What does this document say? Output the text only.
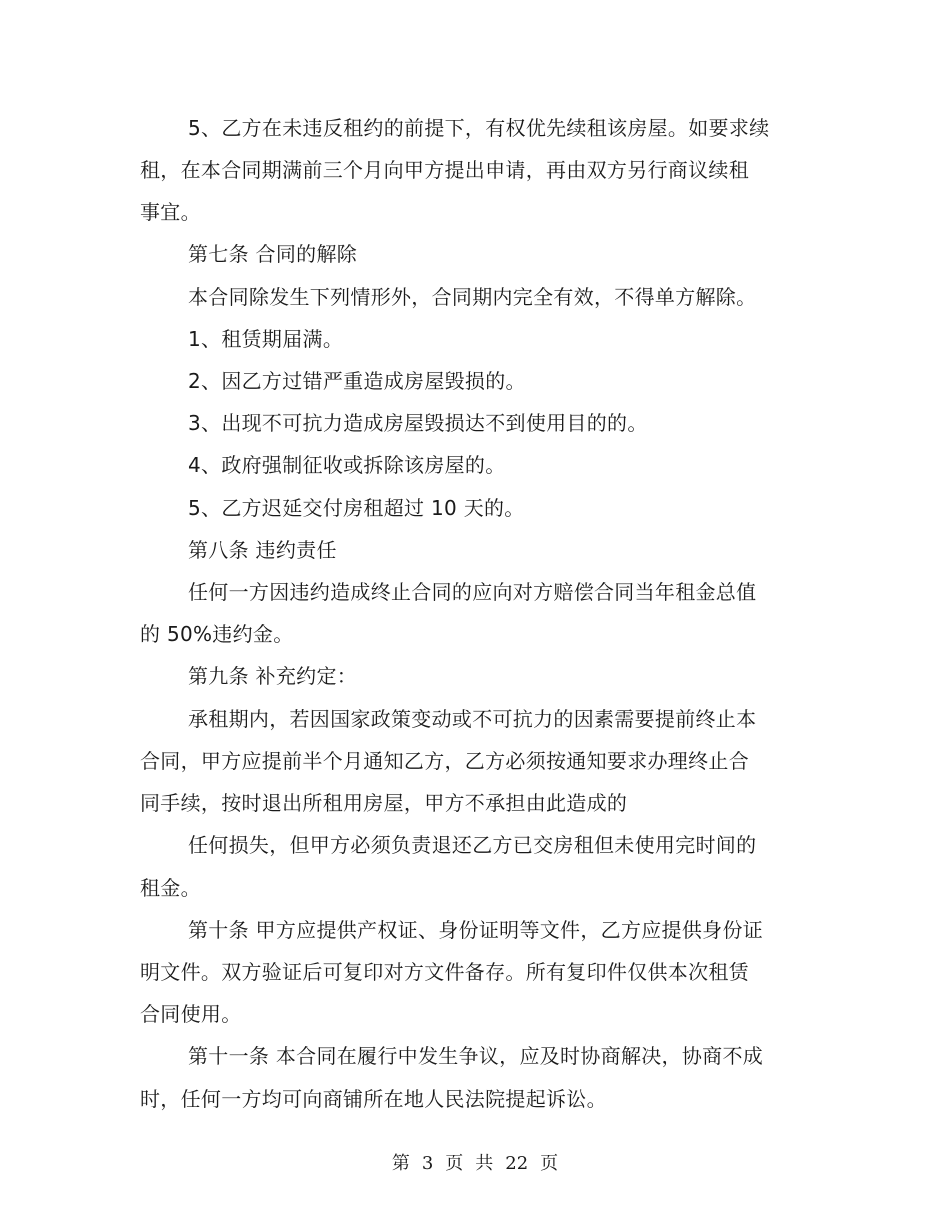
5、乙方在未违反租约的前提下，有权优先续租该房屋。如要求续
租，在本合同期满前三个月向甲方提出申请，再由双方另行商议续租
事宜。
第七条 合同的解除
本合同除发生下列情形外，合同期内完全有效，不得单方解除。
1、租赁期届满。
2、因乙方过错严重造成房屋毁损的。
3、出现不可抗力造成房屋毁损达不到使用目的的。
4、政府强制征收或拆除该房屋的。
5、乙方迟延交付房租超过 10 天的。
第八条 违约责任
任何一方因违约造成终止合同的应向对方赔偿合同当年租金总值
的 50%违约金。
第九条 补充约定：
承租期内，若因国家政策变动或不可抗力的因素需要提前终止本
合同，甲方应提前半个月通知乙方，乙方必须按通知要求办理终止合
同手续，按时退出所租用房屋，甲方不承担由此造成的
任何损失，但甲方必须负责退还乙方已交房租但未使用完时间的
租金。
第十条 甲方应提供产权证、身份证明等文件，乙方应提供身份证
明文件。双方验证后可复印对方文件备存。所有复印件仅供本次租赁
合同使用。
第十一条 本合同在履行中发生争议，应及时协商解决，协商不成
时，任何一方均可向商铺所在地人民法院提起诉讼。
第 3 页 共 22 页
